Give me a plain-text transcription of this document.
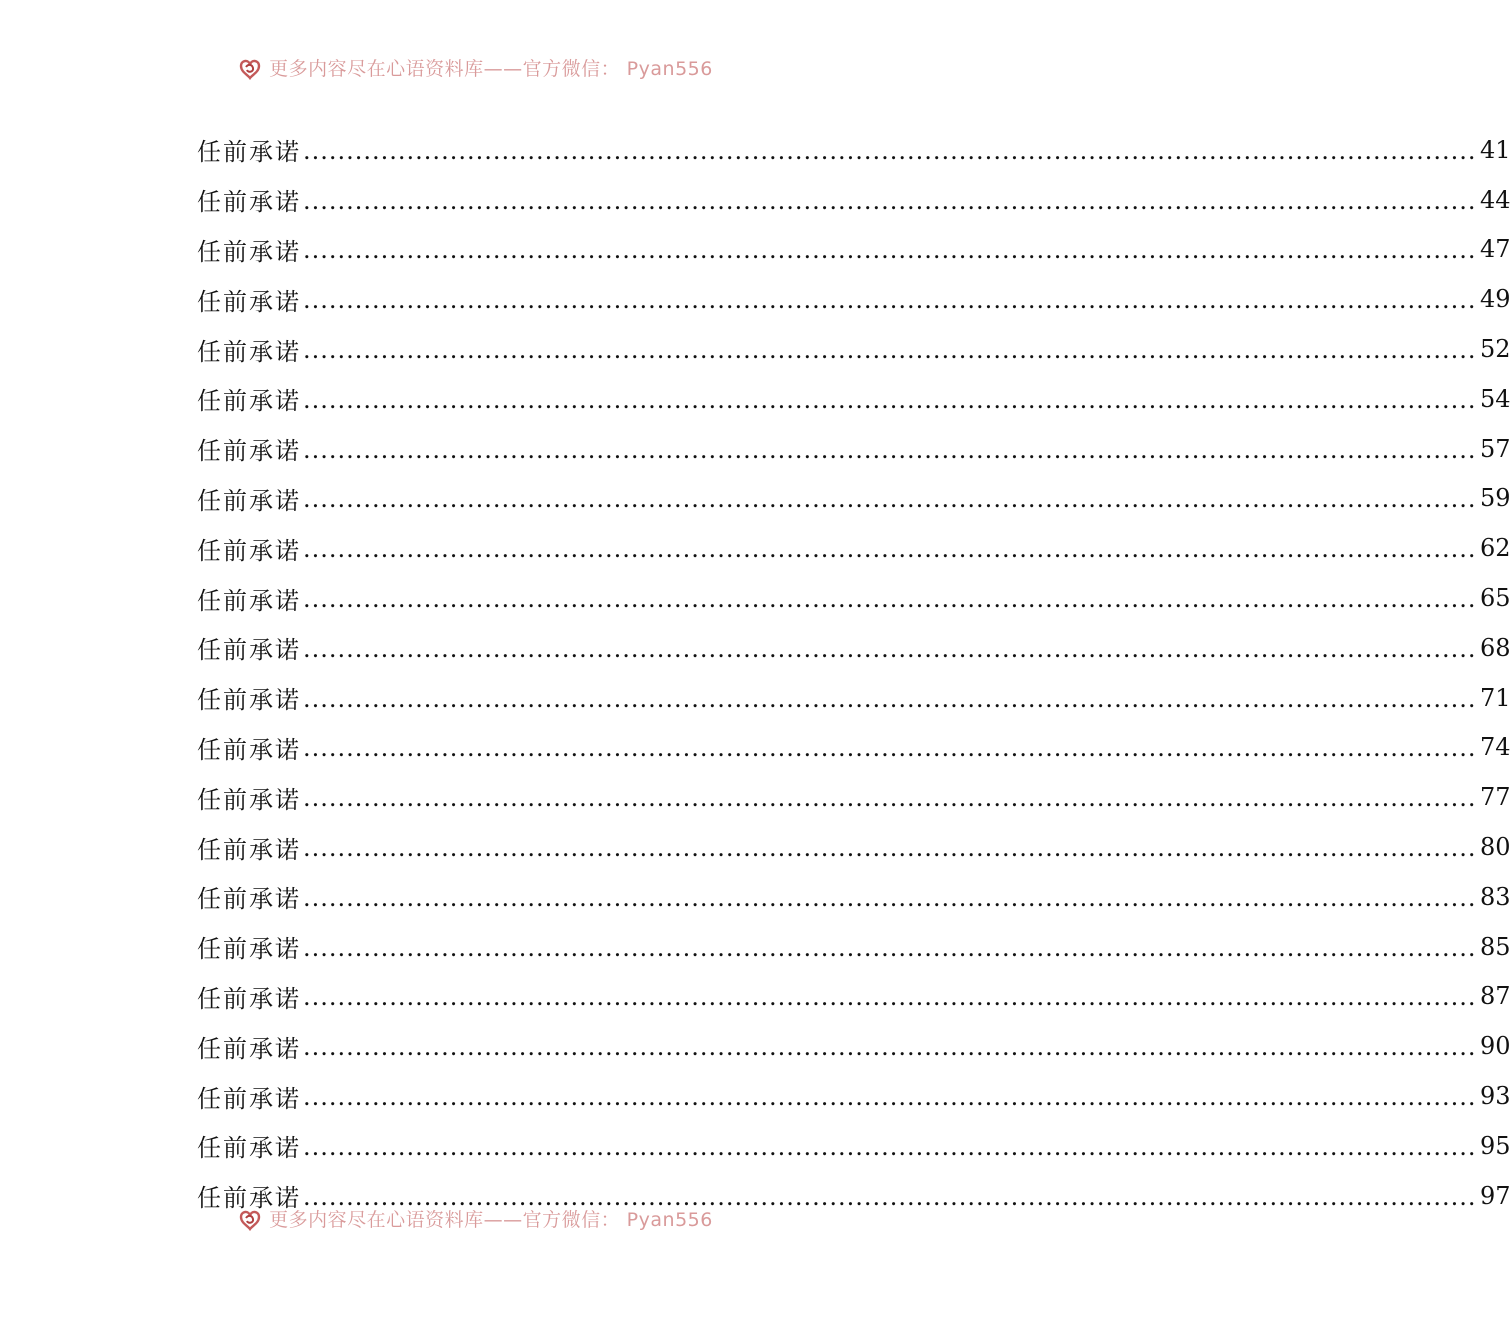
更多内容尽在心语资料库——官方微信： Pyan556
任前承诺 ........................................................................................................................................ 41
任前承诺 ........................................................................................................................................ 44
任前承诺 ........................................................................................................................................ 47
任前承诺 ........................................................................................................................................ 49
任前承诺 ........................................................................................................................................ 52
任前承诺 ........................................................................................................................................ 54
任前承诺 ........................................................................................................................................ 57
任前承诺 ........................................................................................................................................ 59
任前承诺 ........................................................................................................................................ 62
任前承诺 ........................................................................................................................................ 65
任前承诺 ........................................................................................................................................ 68
任前承诺 ........................................................................................................................................ 71
任前承诺 ........................................................................................................................................ 74
任前承诺 ........................................................................................................................................ 77
任前承诺 ........................................................................................................................................ 80
任前承诺 ........................................................................................................................................ 83
任前承诺 ........................................................................................................................................ 85
任前承诺 ........................................................................................................................................ 87
任前承诺 ........................................................................................................................................ 90
任前承诺 ........................................................................................................................................ 93
任前承诺 ........................................................................................................................................ 95
任前承诺 ........................................................................................................................................ 97
更多内容尽在心语资料库——官方微信： Pyan556
